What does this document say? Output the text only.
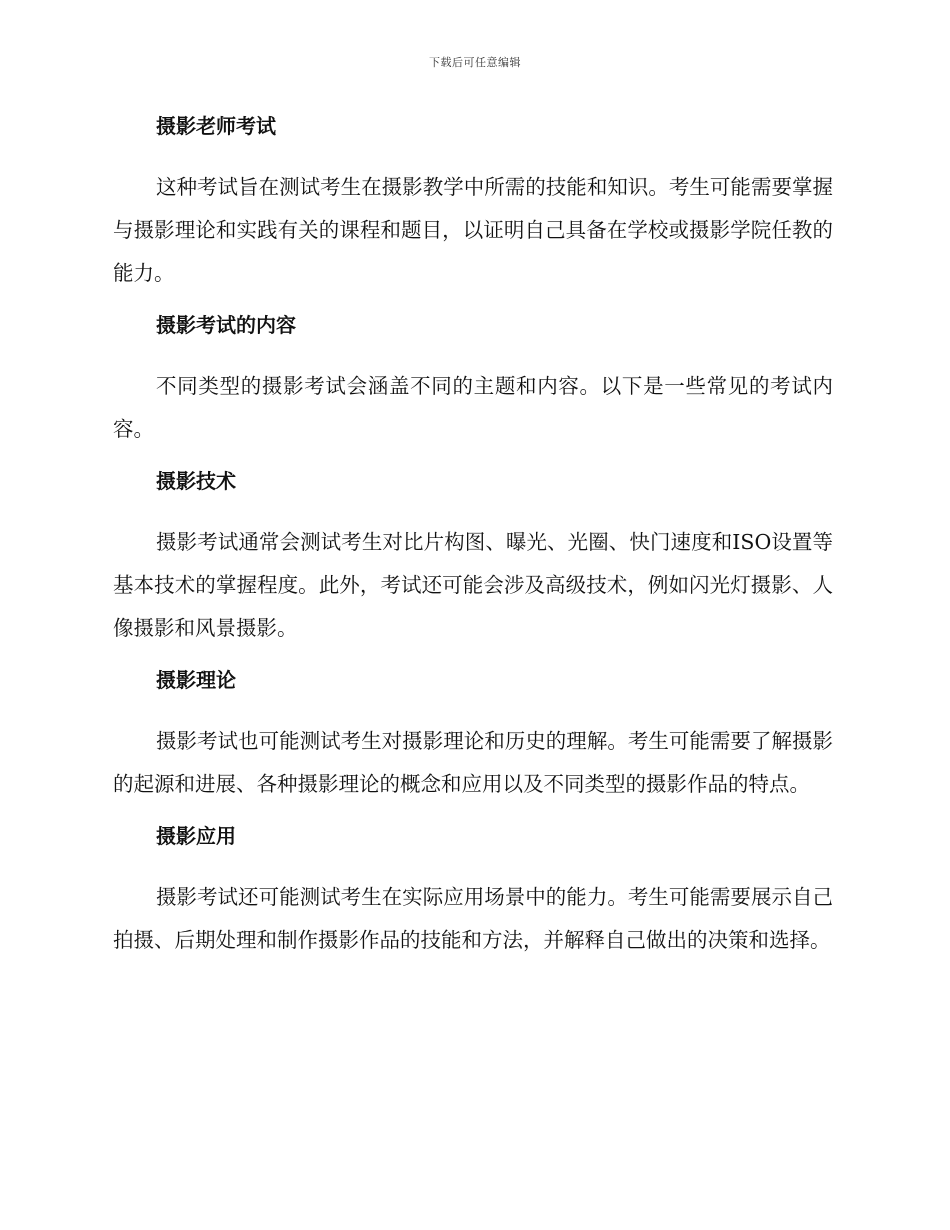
下载后可任意编辑
摄影老师考试

这种考试旨在测试考生在摄影教学中所需的技能和知识。考生可能需要掌握与摄影理论和实践有关的课程和题目，以证明自己具备在学校或摄影学院任教的能力。

摄影考试的内容

不同类型的摄影考试会涵盖不同的主题和内容。以下是一些常见的考试内容。

摄影技术

摄影考试通常会测试考生对比片构图、曝光、光圈、快门速度和ISO设置等基本技术的掌握程度。此外，考试还可能会涉及高级技术，例如闪光灯摄影、人像摄影和风景摄影。

摄影理论

摄影考试也可能测试考生对摄影理论和历史的理解。考生可能需要了解摄影的起源和进展、各种摄影理论的概念和应用以及不同类型的摄影作品的特点。

摄影应用

摄影考试还可能测试考生在实际应用场景中的能力。考生可能需要展示自己拍摄、后期处理和制作摄影作品的技能和方法，并解释自己做出的决策和选择。
